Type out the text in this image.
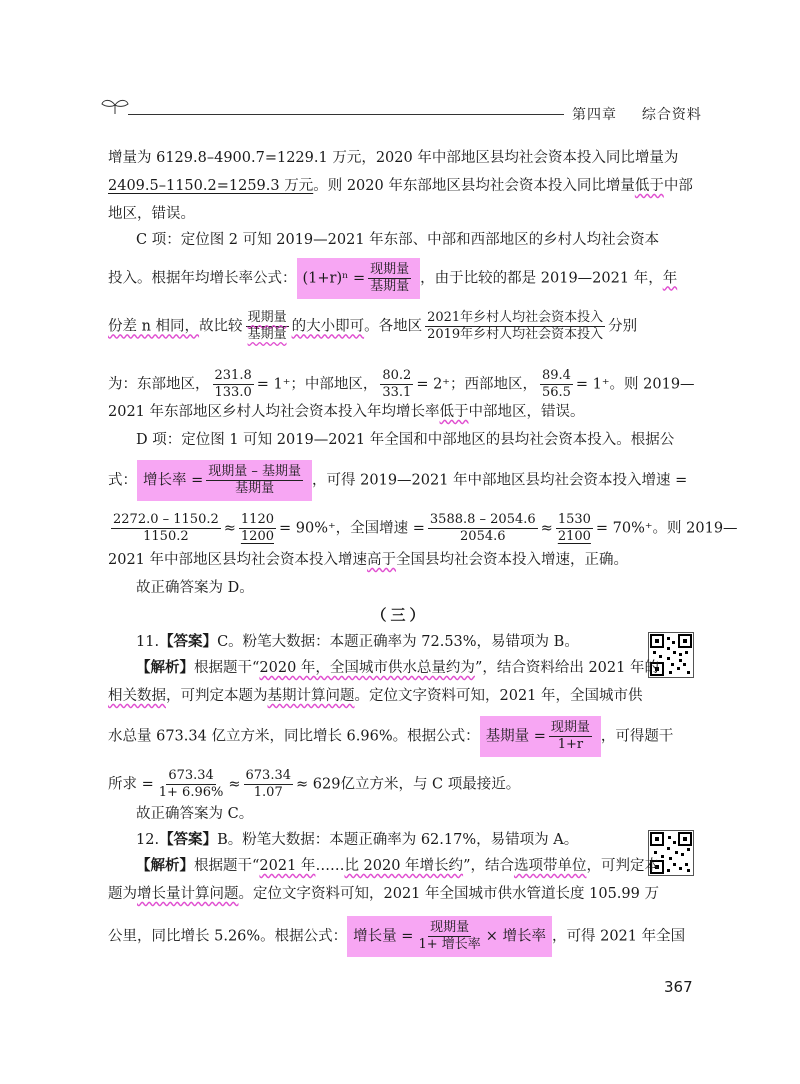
第四章 综合资料
增量为 6129.8–4900.7=1229.1 万元，2020 年中部地区县均社会资本投入同比增量为
2409.5–1150.2=1259.3 万元。则 2020 年东部地区县均社会资本投入同比增量低于中部
地区，错误。
C 项：定位图 2 可知 2019—2021 年东部、中部和西部地区的乡村人均社会资本
投入。根据年均增长率公式： $(1+r)^n = \frac{\text{现期量}}{\text{基期量}}$ ，由于比较的都是 2019—2021 年，年
份差 n 相同，故比较 $\frac{\text{现期量}}{\text{基期量}}$ 的大小即可。各地区 $\frac{\text{2021年乡村人均社会资本投入}}{\text{2019年乡村人均社会资本投入}}$ 分别
为：东部地区， $\frac{231.8}{133.0} = 1^+$；中部地区， $\frac{80.2}{33.1} = 2^+$；西部地区， $\frac{89.4}{56.5} = 1^+$。则 2019—
2021 年东部地区乡村人均社会资本投入年均增长率低于中部地区，错误。
D 项：定位图 1 可知 2019—2021 年全国和中部地区的县均社会资本投入。根据公
式： 增长率 = $\frac{\text{现期量 – 基期量}}{\text{基期量}}$ ，可得 2019—2021 年中部地区县均社会资本投入增速 =
$\frac{2272.0 - 1150.2}{1150.2} \approx \frac{1120}{1200} = 90\%^+$，全国增速 = $\frac{3588.8 - 2054.6}{2054.6} \approx \frac{1530}{2100} = 70\%^+$。则 2019—
2021 年中部地区县均社会资本投入增速高于全国县均社会资本投入增速，正确。
故正确答案为 D。
（三）
11.【答案】C。粉笔大数据：本题正确率为 72.53%，易错项为 B。
【解析】根据题干“2020 年，全国城市供水总量约为”，结合资料给出 2021 年的
相关数据，可判定本题为基期计算问题。定位文字资料可知，2021 年，全国城市供
水总量 673.34 亿立方米，同比增长 6.96%。根据公式： 基期量 = $\frac{\text{现期量}}{1+r}$ ，可得题干
所求 = $\frac{673.34}{1+ 6.96\%} \approx \frac{673.34}{1.07} \approx 629$亿立方米，与 C 项最接近。
故正确答案为 C。
12.【答案】B。粉笔大数据：本题正确率为 62.17%，易错项为 A。
【解析】根据题干“2021 年……比 2020 年增长约”，结合选项带单位，可判定本
题为增长量计算问题。定位文字资料可知，2021 年全国城市供水管道长度 105.99 万
公里，同比增长 5.26%。根据公式： 增长量 = $\frac{\text{现期量}}{\text{1+ 增长率}}$ × 增长率 ，可得 2021 年全国
367
